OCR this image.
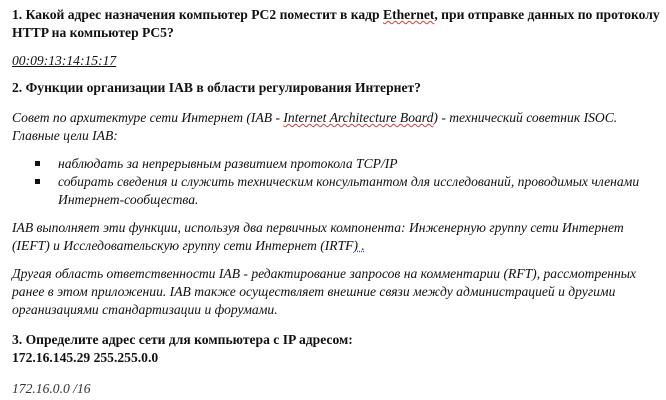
1. Какой адрес назначения компьютер PC2 поместит в кадр Ethernet, при отправке данных по протоколу HTTP на компьютер PC5?

00:09:13:14:15:17

2. Функции организации IAB в области регулирования Интернет?

Совет по архитектуре сети Интернет (IAB - Internet Architecture Board) - технический советник ISOC. Главные цели IAB:

наблюдать за непрерывным развитием протокола TCP/IP
собирать сведения и служить техническим консультантом для исследований, проводимых членами Интернет-сообщества.

IAB выполняет эти функции, используя два первичных компонента: Инженерную группу сети Интернет (IEFT) и Исследовательскую группу сети Интернет (IRTF) .

Другая область ответственности IAB - редактирование запросов на комментарии (RFT), рассмотренных ранее в этом приложении. IAB также осуществляет внешние связи между администрацией и другими организациями стандартизации и форумами.

3. Определите адрес сети для компьютера с IP адресом:

172.16.145.29 255.255.0.0
172.16.0.0 /16
